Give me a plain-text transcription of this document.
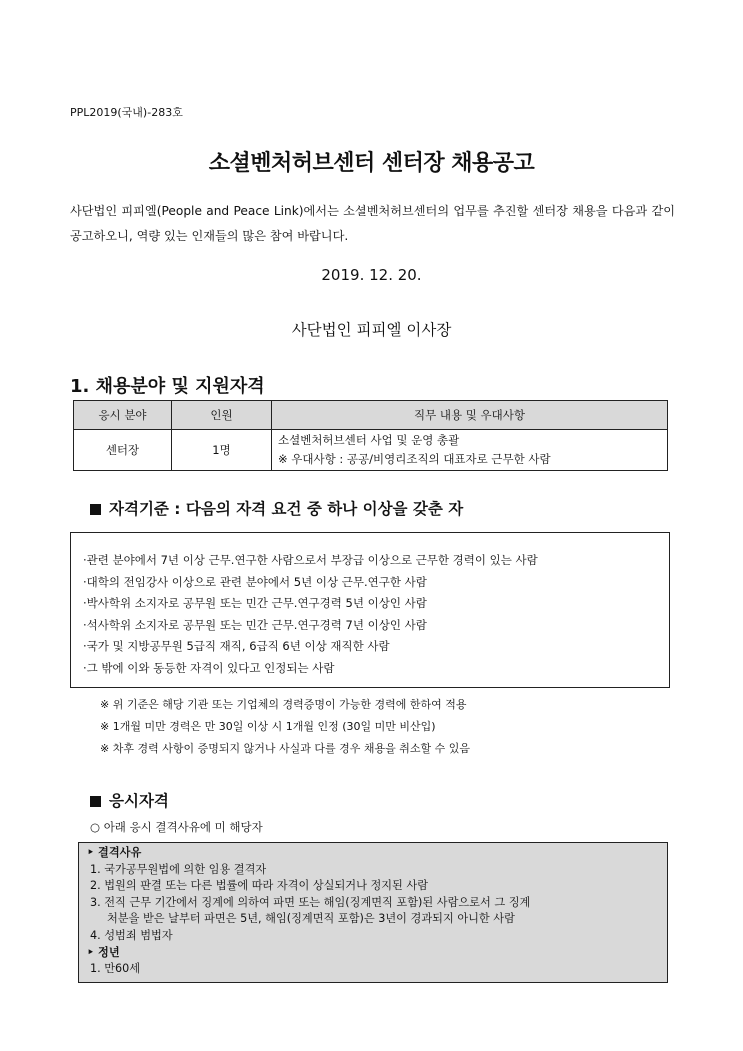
PPL2019(국내)-283호
소셜벤처허브센터 센터장 채용공고
사단법인 피피엘(People and Peace Link)에서는 소셜벤처허브센터의 업무를 추진할 센터장 채용을 다음과 같이 공고하오니, 역량 있는 인재들의 많은 참여 바랍니다.
2019. 12. 20.
사단법인 피피엘 이사장
1. 채용분야 및 지원자격
응시 분야	인원	직무 내용 및 우대사항
센터장	1명	소셜벤처허브센터 사업 및 운영 총괄
※ 우대사항 : 공공/비영리조직의 대표자로 근무한 사람
자격기준 : 다음의 자격 요건 중 하나 이상을 갖춘 자
·관련 분야에서 7년 이상 근무.연구한 사람으로서 부장급 이상으로 근무한 경력이 있는 사람
·대학의 전임강사 이상으로 관련 분야에서 5년 이상 근무.연구한 사람
·박사학위 소지자로 공무원 또는 민간 근무.연구경력 5년 이상인 사람
·석사학위 소지자로 공무원 또는 민간 근무.연구경력 7년 이상인 사람
·국가 및 지방공무원 5급직 재직, 6급직 6년 이상 재직한 사람
·그 밖에 이와 동등한 자격이 있다고 인정되는 사람
※ 위 기준은 해당 기관 또는 기업체의 경력증명이 가능한 경력에 한하여 적용
※ 1개월 미만 경력은 만 30일 이상 시 1개월 인정 (30일 미만 비산입)
※ 차후 경력 사항이 증명되지 않거나 사실과 다를 경우 채용을 취소할 수 있음
응시자격
○ 아래 응시 결격사유에 미 해당자
‣ 결격사유
1. 국가공무원법에 의한 임용 결격자
2. 법원의 판결 또는 다른 법률에 따라 자격이 상실되거나 정지된 사람
3. 전직 근무 기간에서 징계에 의하여 파면 또는 해임(징계면직 포함)된 사람으로서 그 징계
처분을 받은 날부터 파면은 5년, 해임(징계면직 포함)은 3년이 경과되지 아니한 사람
4. 성범죄 범법자
‣ 정년
1. 만60세
